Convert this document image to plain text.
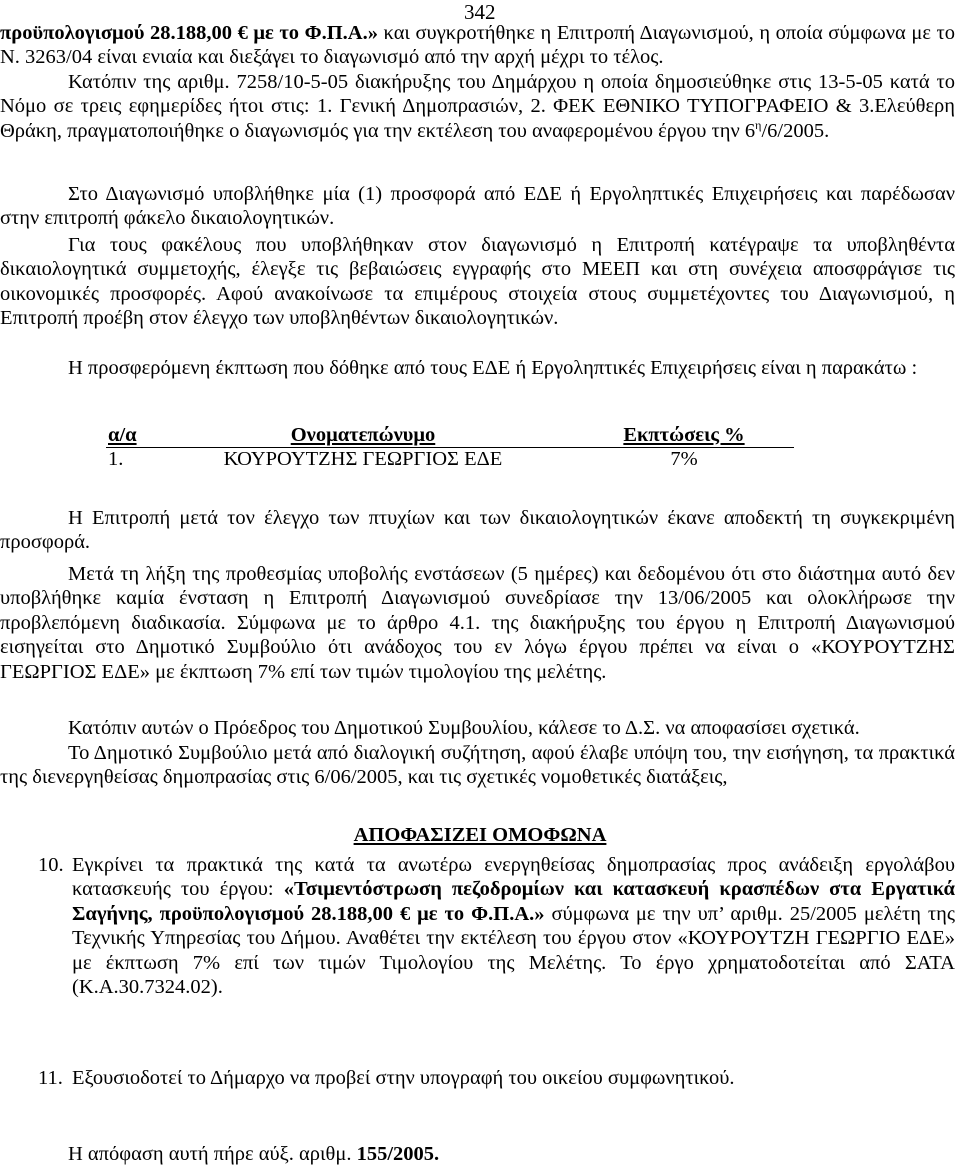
342

προϋπολογισμού 28.188,00 € με το Φ.Π.Α.» και συγκροτήθηκε η Επιτροπή Διαγωνισμού, η οποία σύμφωνα με το Ν. 3263/04 είναι ενιαία και διεξάγει το διαγωνισμό από την αρχή μέχρι το τέλος.

Κατόπιν της αριθμ. 7258/10-5-05 διακήρυξης του Δημάρχου η οποία δημοσιεύθηκε στις 13-5-05 κατά το Νόμο σε τρεις εφημερίδες ήτοι στις: 1. Γενική Δημοπρασιών, 2. ΦΕΚ ΕΘΝΙΚΟ ΤΥΠΟΓΡΑΦΕΙΟ & 3.Ελεύθερη Θράκη, πραγματοποιήθηκε ο διαγωνισμός για την εκτέλεση του αναφερομένου έργου την $6^\eta/6/2005$.

Στο Διαγωνισμό υποβλήθηκε μία (1) προσφορά από ΕΔΕ ή Εργοληπτικές Επιχειρήσεις και παρέδωσαν στην επιτροπή φάκελο δικαιολογητικών.

Για τους φακέλους που υποβλήθηκαν στον διαγωνισμό η Επιτροπή κατέγραψε τα υποβληθέντα δικαιολογητικά συμμετοχής, έλεγξε τις βεβαιώσεις εγγραφής στο ΜΕΕΠ και στη συνέχεια αποσφράγισε τις οικονομικές προσφορές. Αφού ανακοίνωσε τα επιμέρους στοιχεία στους συμμετέχοντες του Διαγωνισμού, η Επιτροπή προέβη στον έλεγχο των υποβληθέντων δικαιολογητικών.

Η προσφερόμενη έκπτωση που δόθηκε από τους ΕΔΕ ή Εργοληπτικές Επιχειρήσεις είναι η παρακάτω :

α/α	Ονοματεπώνυμο	Εκπτώσεις %
1.	ΚΟΥΡΟΥΤΖΗΣ ΓΕΩΡΓΙΟΣ ΕΔΕ	7%

Η Επιτροπή μετά τον έλεγχο των πτυχίων και των δικαιολογητικών έκανε αποδεκτή τη συγκεκριμένη προσφορά.

Μετά τη λήξη της προθεσμίας υποβολής ενστάσεων (5 ημέρες) και δεδομένου ότι στο διάστημα αυτό δεν υποβλήθηκε καμία ένσταση η Επιτροπή Διαγωνισμού συνεδρίασε την 13/06/2005 και ολοκλήρωσε την προβλεπόμενη διαδικασία. Σύμφωνα με το άρθρο 4.1. της διακήρυξης του έργου η Επιτροπή Διαγωνισμού εισηγείται στο Δημοτικό Συμβούλιο ότι ανάδοχος του εν λόγω έργου πρέπει να είναι ο «ΚΟΥΡΟΥΤΖΗΣ ΓΕΩΡΓΙΟΣ ΕΔΕ» με έκπτωση 7% επί των τιμών τιμολογίου της μελέτης.

Κατόπιν αυτών ο Πρόεδρος του Δημοτικού Συμβουλίου, κάλεσε το Δ.Σ. να αποφασίσει σχετικά.

Το Δημοτικό Συμβούλιο μετά από διαλογική συζήτηση, αφού έλαβε υπόψη του, την εισήγηση, τα πρακτικά της διενεργηθείσας δημοπρασίας στις 6/06/2005, και τις σχετικές νομοθετικές διατάξεις,

ΑΠΟΦΑΣΙΖΕΙ ΟΜΟΦΩΝΑ
10. Εγκρίνει τα πρακτικά της κατά τα ανωτέρω ενεργηθείσας δημοπρασίας προς ανάδειξη εργολάβου κατασκευής του έργου: «Τσιμεντόστρωση πεζοδρομίων και κατασκευή κρασπέδων στα Εργατικά Σαγήνης, προϋπολογισμού 28.188,00 € με το Φ.Π.Α.» σύμφωνα με την υπ’ αριθμ. 25/2005 μελέτη της Τεχνικής Υπηρεσίας του Δήμου. Αναθέτει την εκτέλεση του έργου στον «ΚΟΥΡΟΥΤΖΗ ΓΕΩΡΓΙΟ ΕΔΕ» με έκπτωση 7% επί των τιμών Τιμολογίου της Μελέτης. Το έργο χρηματοδοτείται από ΣΑΤΑ (Κ.Α.30.7324.02).
11. Εξουσιοδοτεί το Δήμαρχο να προβεί στην υπογραφή του οικείου συμφωνητικού.
Η απόφαση αυτή πήρε αύξ. αριθμ. 155/2005.
